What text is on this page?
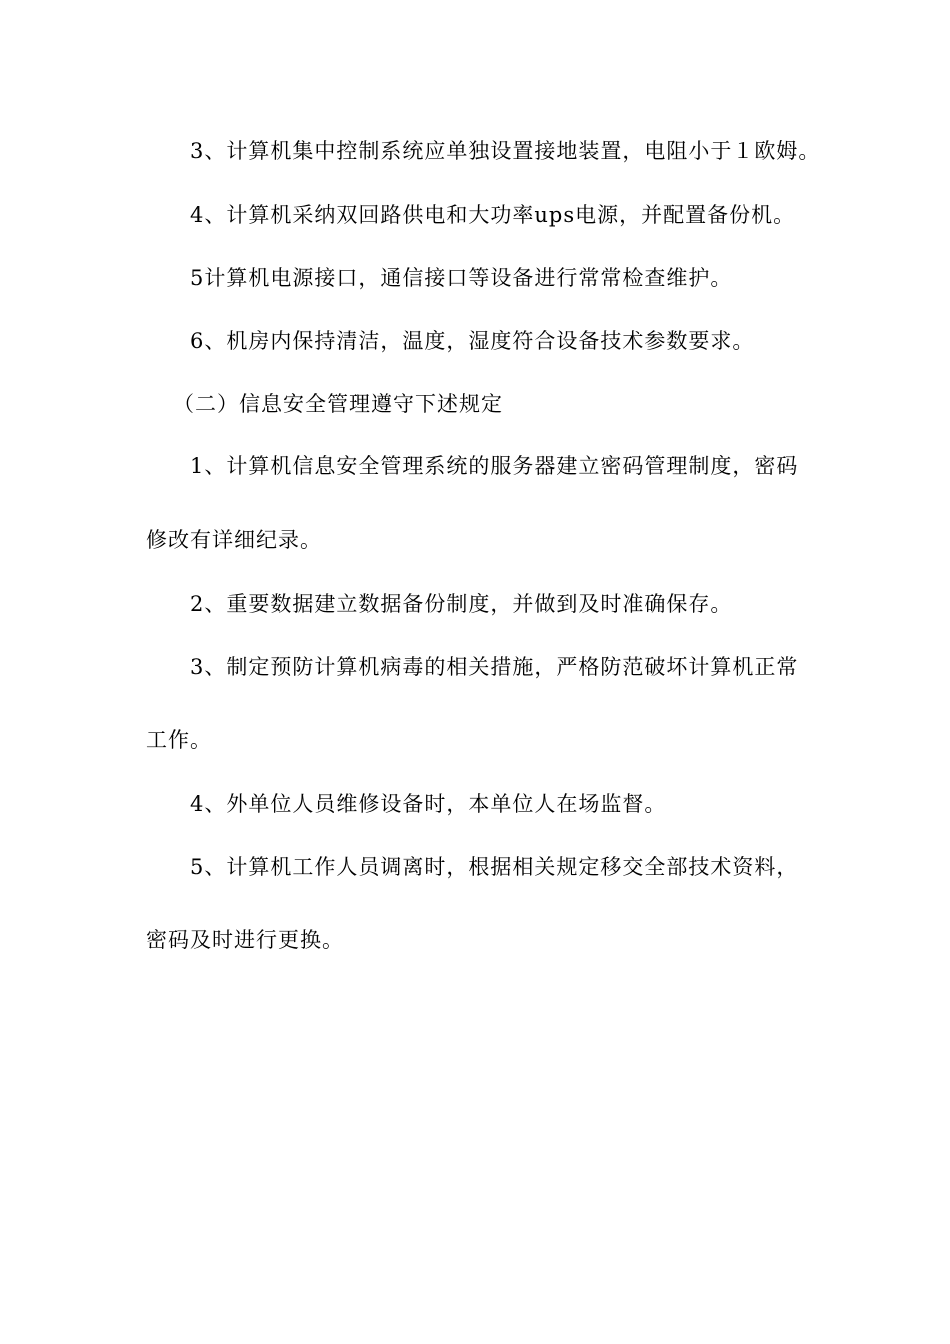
3、计算机集中控制系统应单独设置接地装置，电阻小于１欧姆。

4、计算机采纳双回路供电和大功率ups电源，并配置备份机。

5计算机电源接口，通信接口等设备进行常常检查维护。

6、机房内保持清洁，温度，湿度符合设备技术参数要求。

（二）信息安全管理遵守下述规定

1、计算机信息安全管理系统的服务器建立密码管理制度，密码

修改有详细纪录。

2、重要数据建立数据备份制度，并做到及时准确保存。

3、制定预防计算机病毒的相关措施，严格防范破坏计算机正常

工作。

4、外单位人员维修设备时，本单位人在场监督。

5、计算机工作人员调离时，根据相关规定移交全部技术资料，

密码及时进行更换。
